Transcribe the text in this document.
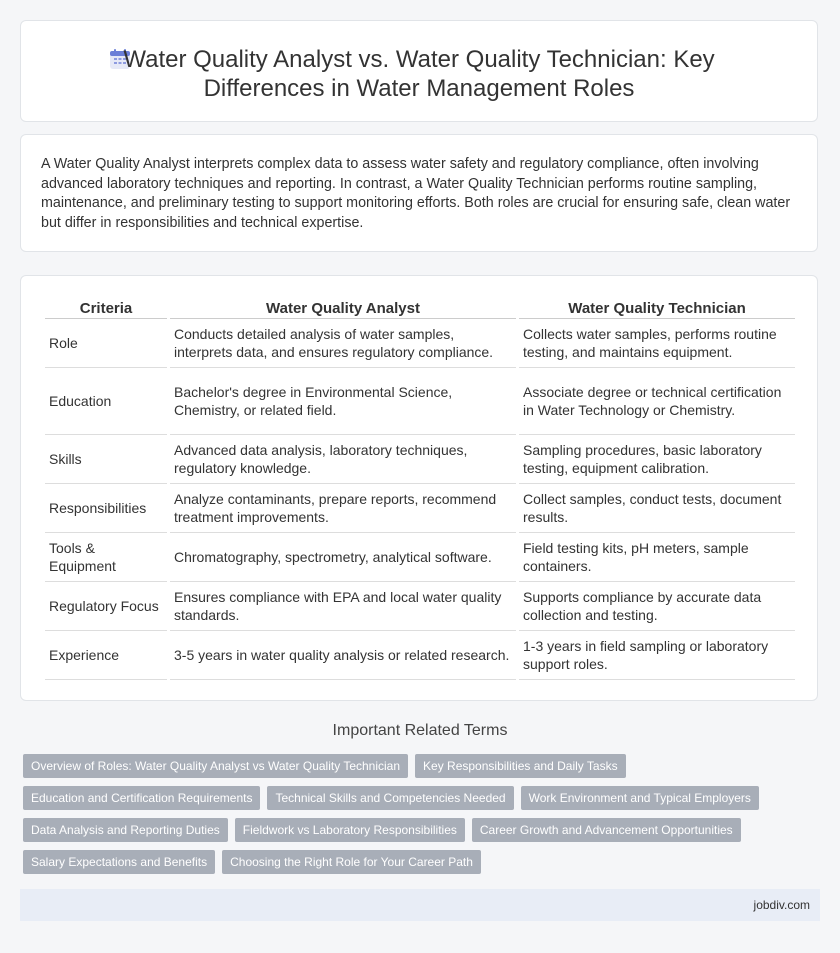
Water Quality Analyst vs. Water Quality Technician: Key Differences in Water Management Roles

A Water Quality Analyst interprets complex data to assess water safety and regulatory compliance, often involving advanced laboratory techniques and reporting. In contrast, a Water Quality Technician performs routine sampling, maintenance, and preliminary testing to support monitoring efforts. Both roles are crucial for ensuring safe, clean water but differ in responsibilities and technical expertise.

Criteria	Water Quality Analyst	Water Quality Technician
Role	Conducts detailed analysis of water samples, interprets data, and ensures regulatory compliance.	Collects water samples, performs routine testing, and maintains equipment.
Education	Bachelor's degree in Environmental Science, Chemistry, or related field.	Associate degree or technical certification in Water Technology or Chemistry.
Skills	Advanced data analysis, laboratory techniques, regulatory knowledge.	Sampling procedures, basic laboratory testing, equipment calibration.
Responsibilities	Analyze contaminants, prepare reports, recommend treatment improvements.	Collect samples, conduct tests, document results.
Tools & Equipment	Chromatography, spectrometry, analytical software.	Field testing kits, pH meters, sample containers.
Regulatory Focus	Ensures compliance with EPA and local water quality standards.	Supports compliance by accurate data collection and testing.
Experience	3-5 years in water quality analysis or related research.	1-3 years in field sampling or laboratory support roles.
Important Related Terms
Overview of Roles: Water Quality Analyst vs Water Quality Technician	Key Responsibilities and Daily Tasks
Education and Certification Requirements	Technical Skills and Competencies Needed	Work Environment and Typical Employers
Data Analysis and Reporting Duties	Fieldwork vs Laboratory Responsibilities	Career Growth and Advancement Opportunities
Salary Expectations and Benefits	Choosing the Right Role for Your Career Path
jobdiv.com
